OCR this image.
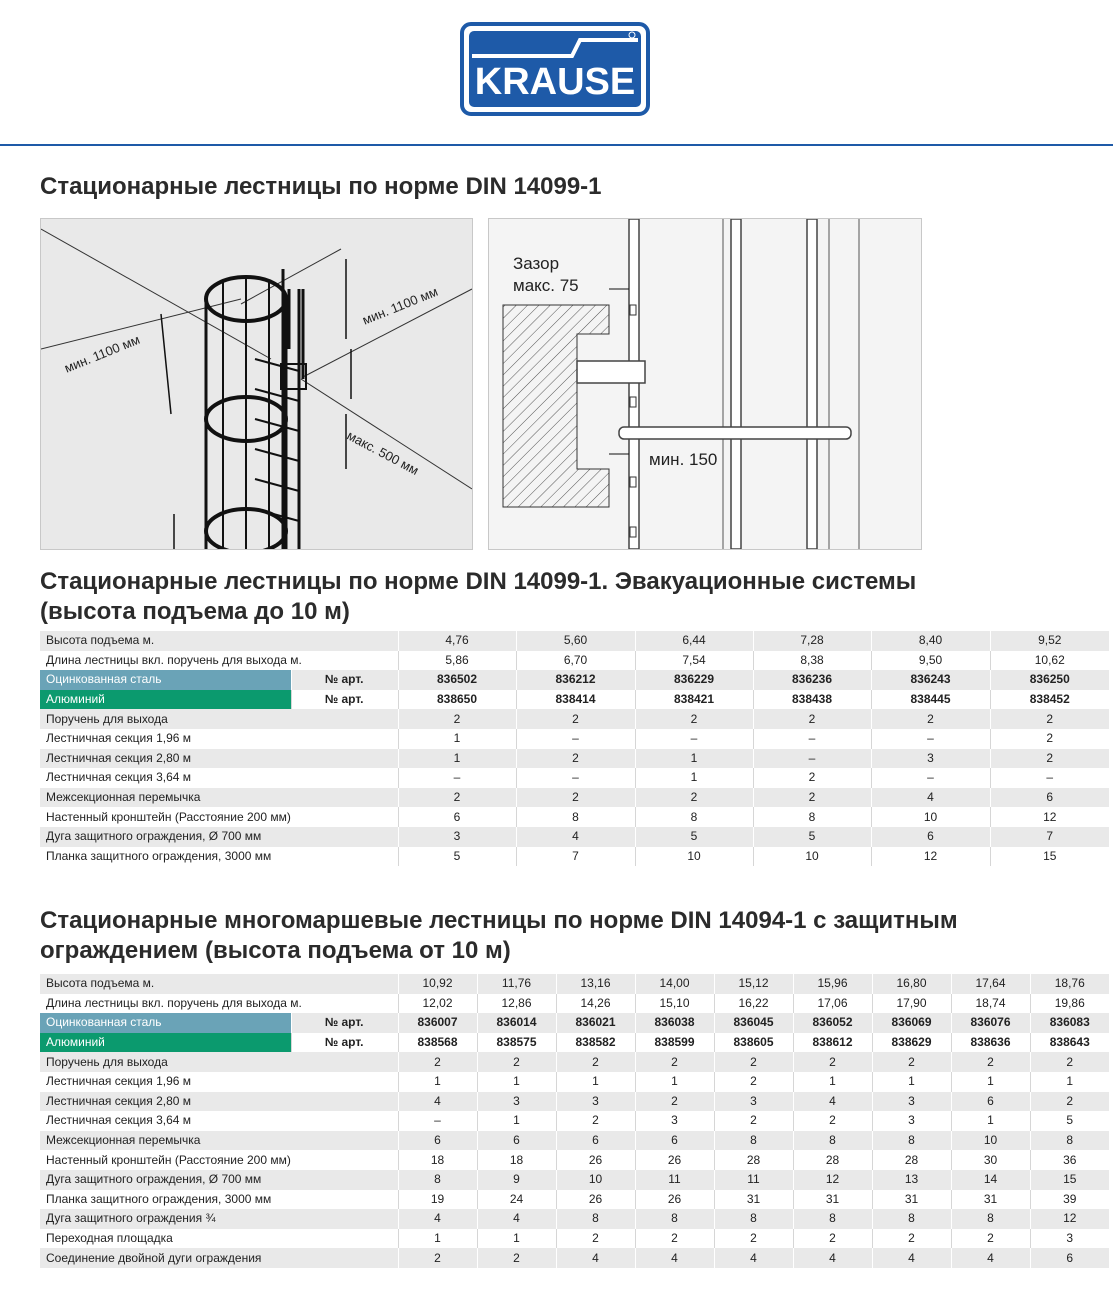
KRAUSE
Стационарные лестницы по норме DIN 14099-1
мин. 1100 мм
мин. 1100 мм
макс. 500 мм
Зазор
макс. 75
мин. 150
Стационарные лестницы по норме DIN 14099-1. Эвакуационные системы
(высота подъема до 10 м)
Высота подъема м.		4,76	5,60	6,44	7,28	8,40	9,52
Длина лестницы вкл. поручень для выхода м.		5,86	6,70	7,54	8,38	9,50	10,62
Оцинкованная сталь	№ арт.	836502	836212	836229	836236	836243	836250
Алюминий	№ арт.	838650	838414	838421	838438	838445	838452
Поручень для выхода		2	2	2	2	2	2
Лестничная секция 1,96 м		1	–	–	–	–	2
Лестничная секция 2,80 м		1	2	1	–	3	2
Лестничная секция 3,64 м		–	–	1	2	–	–
Межсекционная перемычка		2	2	2	2	4	6
Настенный кронштейн (Расстояние 200 мм)		6	8	8	8	10	12
Дуга защитного ограждения, Ø 700 мм		3	4	5	5	6	7
Планка защитного ограждения, 3000 мм		5	7	10	10	12	15
Стационарные многомаршевые лестницы по норме DIN 14094-1 с защитным
ограждением (высота подъема от 10 м)
Высота подъема м.		10,92	11,76	13,16	14,00	15,12	15,96	16,80	17,64	18,76
Длина лестницы вкл. поручень для выхода м.		12,02	12,86	14,26	15,10	16,22	17,06	17,90	18,74	19,86
Оцинкованная сталь	№ арт.	836007	836014	836021	836038	836045	836052	836069	836076	836083
Алюминий	№ арт.	838568	838575	838582	838599	838605	838612	838629	838636	838643
Поручень для выхода		2	2	2	2	2	2	2	2	2
Лестничная секция 1,96 м		1	1	1	1	2	1	1	1	1
Лестничная секция 2,80 м		4	3	3	2	3	4	3	6	2
Лестничная секция 3,64 м		–	1	2	3	2	2	3	1	5
Межсекционная перемычка		6	6	6	6	8	8	8	10	8
Настенный кронштейн (Расстояние 200 мм)		18	18	26	26	28	28	28	30	36
Дуга защитного ограждения, Ø 700 мм		8	9	10	11	11	12	13	14	15
Планка защитного ограждения, 3000 мм		19	24	26	26	31	31	31	31	39
Дуга защитного ограждения ¾		4	4	8	8	8	8	8	8	12
Переходная площадка		1	1	2	2	2	2	2	2	3
Соединение двойной дуги ограждения		2	2	4	4	4	4	4	4	6
